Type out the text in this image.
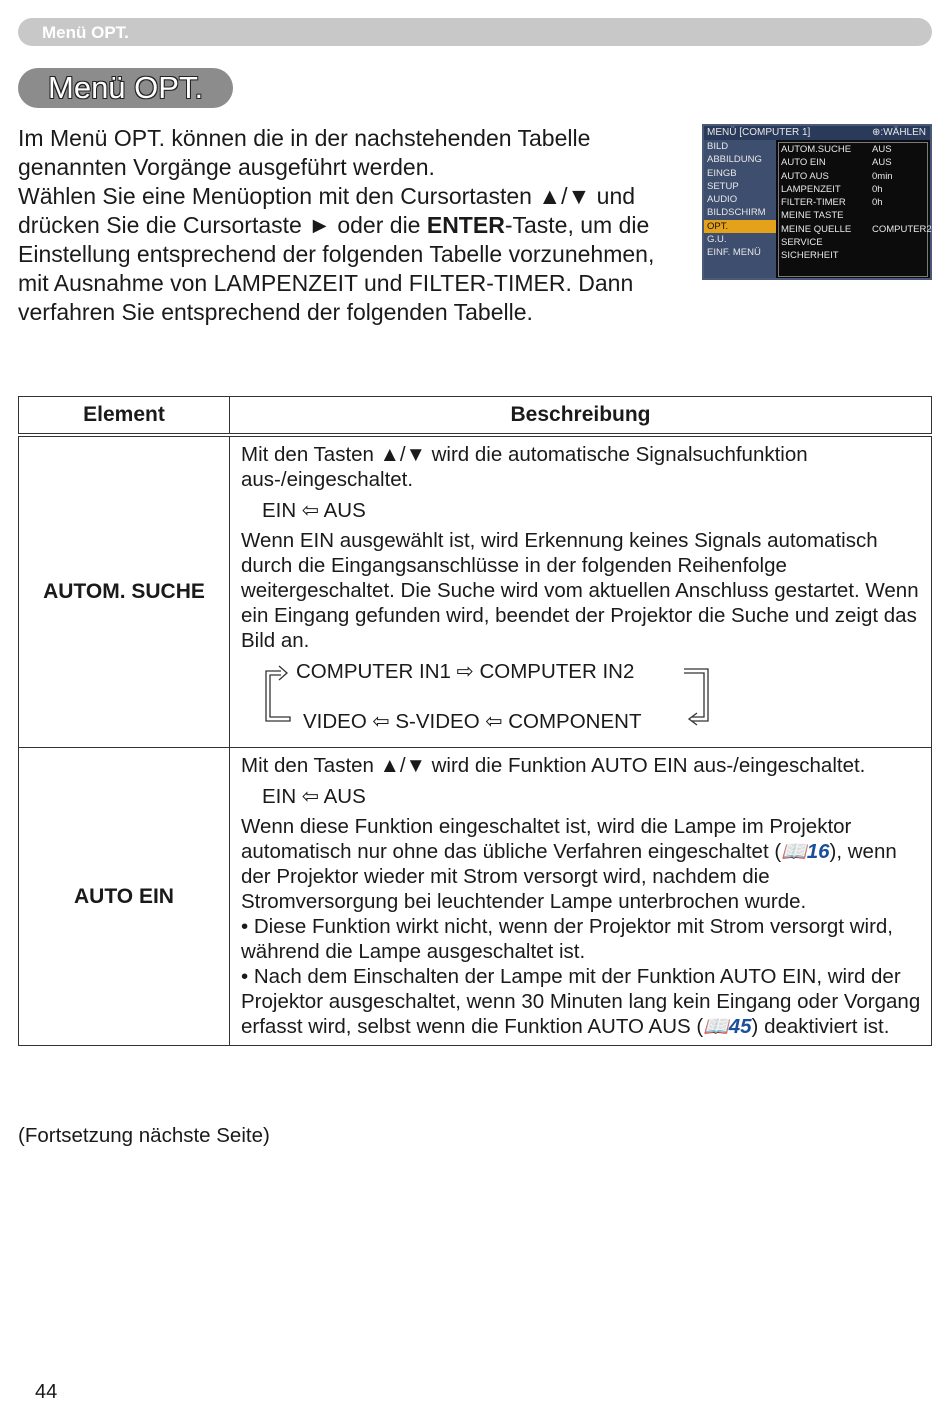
Menü OPT.
Menü OPT.
Im Menü OPT. können die in der nachstehenden Tabelle genannten Vorgänge ausgeführt werden.
Wählen Sie eine Menüoption mit den Cursortasten ▲/▼ und drücken Sie die Cursortaste ► oder die ENTER-Taste, um die Einstellung entsprechend der folgenden Tabelle vorzunehmen, mit Ausnahme von LAMPENZEIT und FILTER-TIMER. Dann verfahren Sie entsprechend der folgenden Tabelle.
MENÜ [COMPUTER 1]	⊕:WÄHLEN
BILD
ABBILDUNG
EINGB
SETUP
AUDIO
BILDSCHIRM
OPT.
G.U.
EINF. MENÜ
AUTOM.SUCHE AUS
AUTO EIN	AUS
AUTO AUS	0min
LAMPENZEIT	0h
FILTER-TIMER	0h
MEINE TASTE
MEINE QUELLE COMPUTER2
SERVICE
SICHERHEIT
Element	Beschreibung
AUTOM. SUCHE	Mit den Tasten ▲/▼ wird die automatische Signalsuchfunktion aus-/eingeschaltet.
EIN ⇦ AUS
Wenn EIN ausgewählt ist, wird Erkennung keines Signals automatisch durch die Eingangsanschlüsse in der folgenden Reihenfolge weitergeschaltet. Die Suche wird vom aktuellen Anschluss gestartet. Wenn ein Eingang gefunden wird, beendet der Projektor die Suche und zeigt das Bild an.
COMPUTER IN1 ⇨ COMPUTER IN2
VIDEO ⇦ S-VIDEO ⇦ COMPONENT

AUTO EIN	Mit den Tasten ▲/▼ wird die Funktion AUTO EIN aus-/eingeschaltet.
EIN ⇦ AUS
Wenn diese Funktion eingeschaltet ist, wird die Lampe im Projektor automatisch nur ohne das übliche Verfahren eingeschaltet (📖16), wenn der Projektor wieder mit Strom versorgt wird, nachdem die Stromversorgung bei leuchtender Lampe unterbrochen wurde.
• Diese Funktion wirkt nicht, wenn der Projektor mit Strom versorgt wird, während die Lampe ausgeschaltet ist.
• Nach dem Einschalten der Lampe mit der Funktion AUTO EIN, wird der Projektor ausgeschaltet, wenn 30 Minuten lang kein Eingang oder Vorgang erfasst wird, selbst wenn die Funktion AUTO AUS (📖45) deaktiviert ist.
(Fortsetzung nächste Seite)
44
